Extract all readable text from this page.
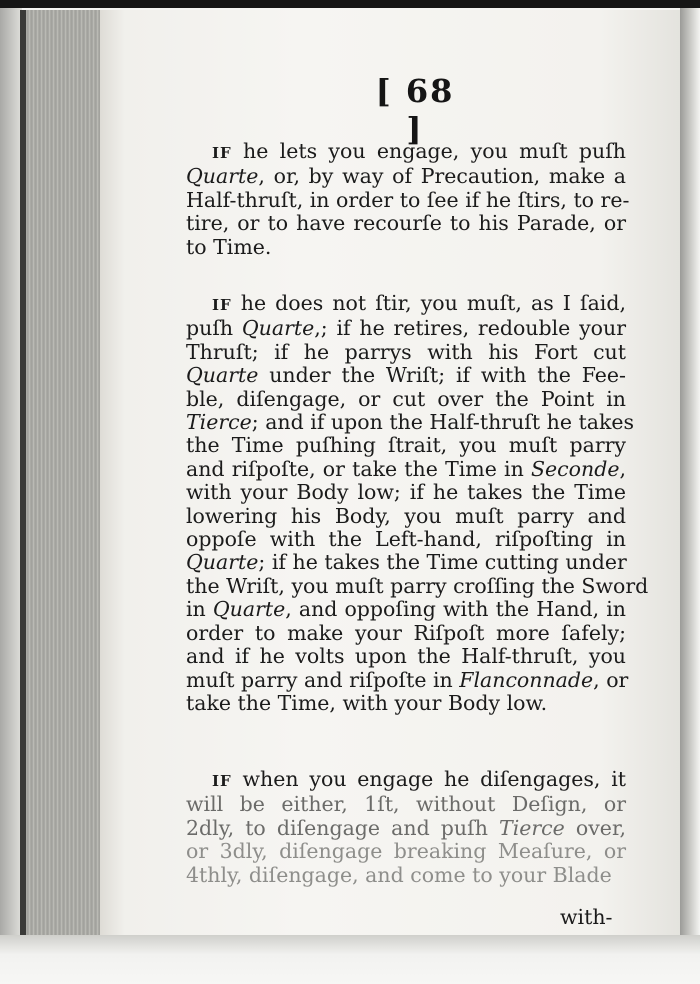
[ 68 ]
IF he lets you engage, you muſt puſh
Quarte, or, by way of Precaution, make a
Half-thruſt, in order to ſee if he ſtirs, to re-
tire, or to have recourſe to his Parade, or
to Time.
IF he does not ſtir, you muſt, as I ſaid,
puſh Quarte,; if he retires, redouble your
Thruſt; if he parrys with his Fort cut
Quarte under the Wriſt; if with the Fee-
ble, diſengage, or cut over the Point in
Tierce; and if upon the Half-thruſt he takes
the Time puſhing ſtrait, you muſt parry
and riſpoſte, or take the Time in Seconde,
with your Body low; if he takes the Time
lowering his Body, you muſt parry and
oppoſe with the Left-hand, riſpoſting in
Quarte; if he takes the Time cutting under
the Wriſt, you muſt parry croſſing the Sword
in Quarte, and oppoſing with the Hand, in
order to make your Riſpoſt more ſafely;
and if he volts upon the Half-thruſt, you
muſt parry and riſpoſte in Flanconnade, or
take the Time, with your Body low.
IF when you engage he diſengages, it
will be either, 1ſt, without Deſign, or
2dly, to diſengage and puſh Tierce over,
or 3dly, diſengage breaking Meaſure, or
4thly, diſengage, and come to your Blade
with-
